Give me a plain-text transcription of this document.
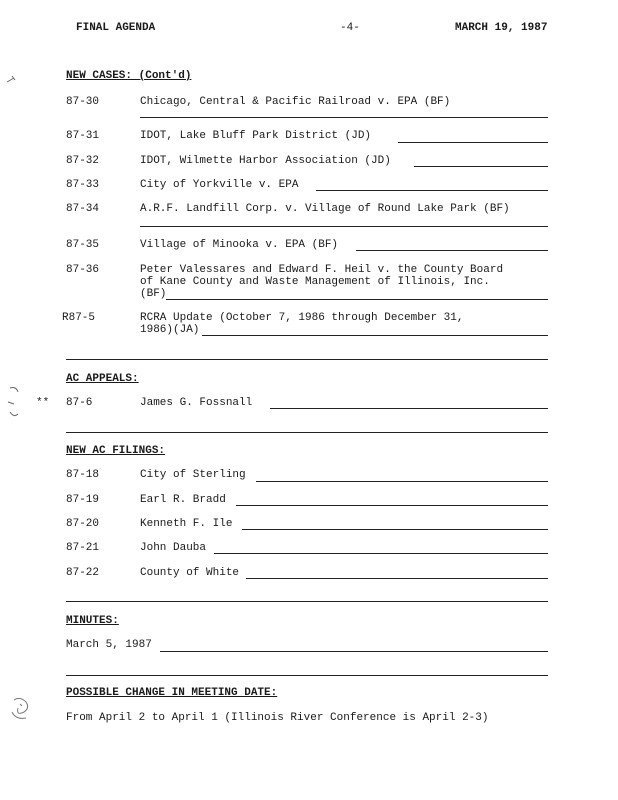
FINAL AGENDA	-4-	MARCH 19, 1987
NEW CASES: (Cont'd)
87-30	Chicago, Central & Pacific Railroad v. EPA (BF)
87-31	IDOT, Lake Bluff Park District (JD)
87-32	IDOT, Wilmette Harbor Association (JD)
87-33	City of Yorkville v. EPA
87-34	A.R.F. Landfill Corp. v. Village of Round Lake Park (BF)
87-35	Village of Minooka v. EPA (BF)
87-36	Peter Valessares and Edward F. Heil v. the County Board
of Kane County and Waste Management of Illinois, Inc.
(BF)
R87-5	RCRA Update (October 7, 1986 through December 31,
1986)(JA)
AC APPEALS:
** 87-6	James G. Fossnall
NEW AC FILINGS:
87-18	City of Sterling
87-19	Earl R. Bradd
87-20	Kenneth F. Ile
87-21	John Dauba
87-22	County of White
MINUTES:
March 5, 1987
POSSIBLE CHANGE IN MEETING DATE:
From April 2 to April 1 (Illinois River Conference is April 2-3)
